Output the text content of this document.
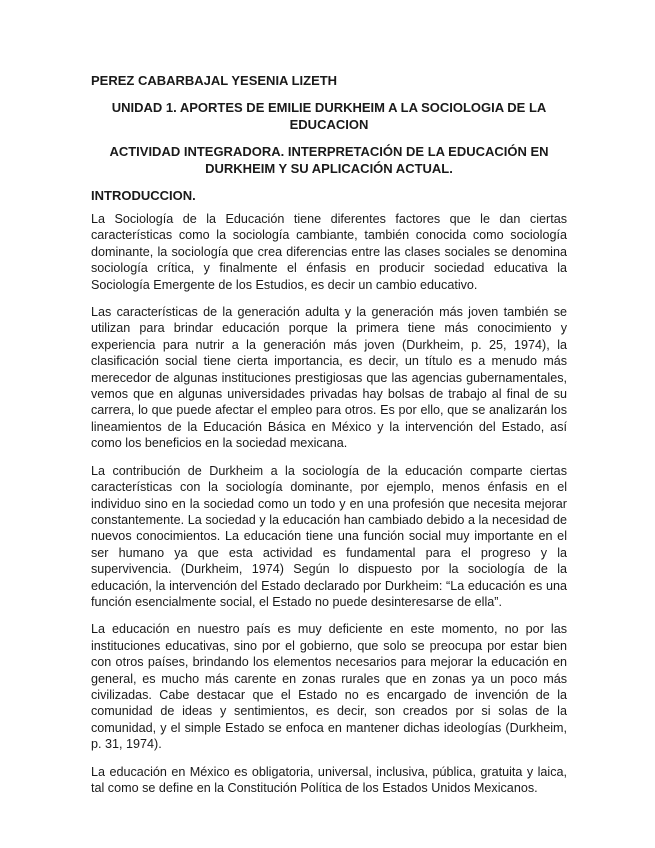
PEREZ CABARBAJAL YESENIA LIZETH
UNIDAD 1. APORTES DE EMILIE DURKHEIM A LA SOCIOLOGIA DE LA EDUCACION
ACTIVIDAD INTEGRADORA. INTERPRETACIÓN DE LA EDUCACIÓN EN DURKHEIM Y SU APLICACIÓN ACTUAL.
INTRODUCCION.

La Sociología de la Educación tiene diferentes factores que le dan ciertas características como la sociología cambiante, también conocida como sociología dominante, la sociología que crea diferencias entre las clases sociales se denomina sociología crítica, y finalmente el énfasis en producir sociedad educativa la Sociología Emergente de los Estudios, es decir un cambio educativo.

Las características de la generación adulta y la generación más joven también se utilizan para brindar educación porque la primera tiene más conocimiento y experiencia para nutrir a la generación más joven (Durkheim, p. 25, 1974), la clasificación social tiene cierta importancia, es decir, un título es a menudo más merecedor de algunas instituciones prestigiosas que las agencias gubernamentales, vemos que en algunas universidades privadas hay bolsas de trabajo al final de su carrera, lo que puede afectar el empleo para otros. Es por ello, que se analizarán los lineamientos de la Educación Básica en México y la intervención del Estado, así como los beneficios en la sociedad mexicana.

La contribución de Durkheim a la sociología de la educación comparte ciertas características con la sociología dominante, por ejemplo, menos énfasis en el individuo sino en la sociedad como un todo y en una profesión que necesita mejorar constantemente. La sociedad y la educación han cambiado debido a la necesidad de nuevos conocimientos. La educación tiene una función social muy importante en el ser humano ya que esta actividad es fundamental para el progreso y la supervivencia. (Durkheim, 1974) Según lo dispuesto por la sociología de la educación, la intervención del Estado declarado por Durkheim: “La educación es una función esencialmente social, el Estado no puede desinteresarse de ella”.

La educación en nuestro país es muy deficiente en este momento, no por las instituciones educativas, sino por el gobierno, que solo se preocupa por estar bien con otros países, brindando los elementos necesarios para mejorar la educación en general, es mucho más carente en zonas rurales que en zonas ya un poco más civilizadas. Cabe destacar que el Estado no es encargado de invención de la comunidad de ideas y sentimientos, es decir, son creados por si solas de la comunidad, y el simple Estado se enfoca en mantener dichas ideologías (Durkheim, p. 31, 1974).

La educación en México es obligatoria, universal, inclusiva, pública, gratuita y laica, tal como se define en la Constitución Política de los Estados Unidos Mexicanos.
